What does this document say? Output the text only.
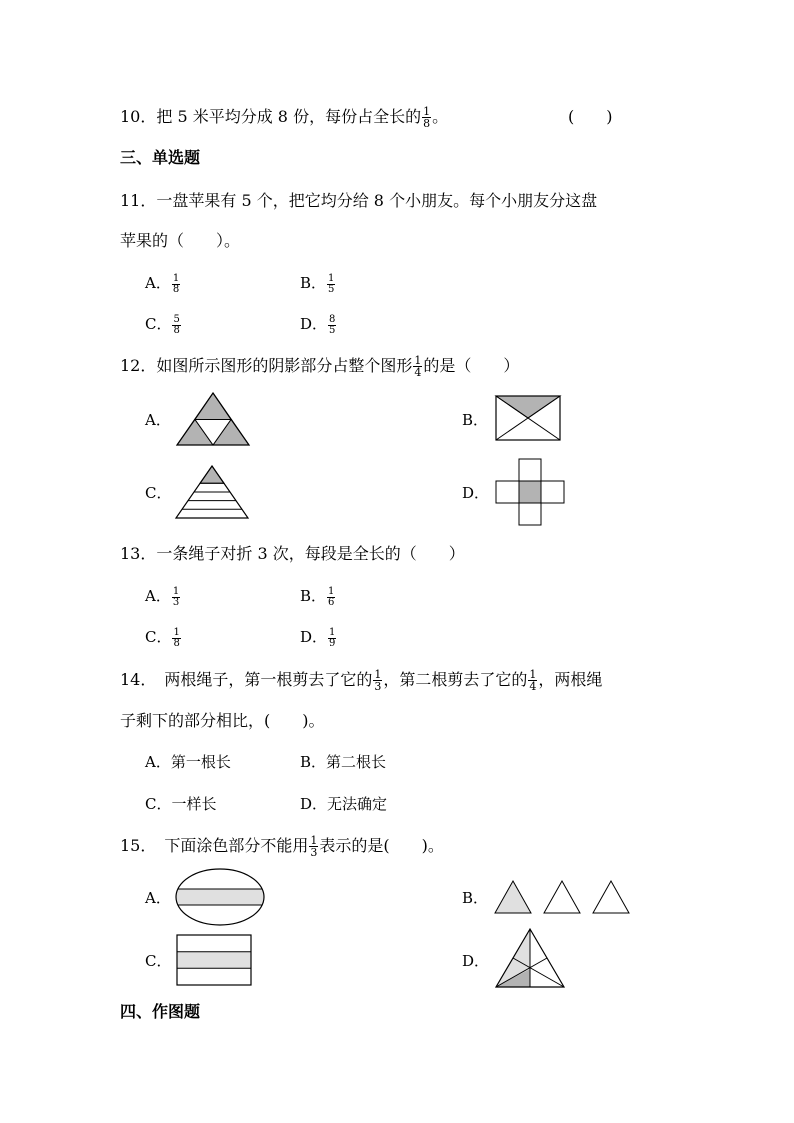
10．把 5 米平均分成 8 份，每份占全长的 $\frac{1}{8}$ 。	(　　)
三、单选题
11．一盘苹果有 5 个，把它均分给 8 个小朋友。每个小朋友分这盘
苹果的（　　）。
A． $\frac{1}{8}$	B． $\frac{1}{5}$
C． $\frac{5}{8}$	D． $\frac{8}{5}$
12．如图所示图形的阴影部分占整个图形 $\frac{1}{4}$ 的是（　　）
A．	B．
C．	D．
13．一条绳子对折 3 次，每段是全长的（　　）
A． $\frac{1}{3}$	B． $\frac{1}{6}$
C． $\frac{1}{8}$	D． $\frac{1}{9}$
14．　两根绳子，第一根剪去了它的 $\frac{1}{3}$ ，第二根剪去了它的 $\frac{1}{4}$ ，两根绳
子剩下的部分相比，(　　)。
A．第一根长	B．第二根长
C．一样长	D．无法确定
15．　下面涂色部分不能用 $\frac{1}{3}$ 表示的是(　　)。
A．	B．
C．	D．
四、作图题
